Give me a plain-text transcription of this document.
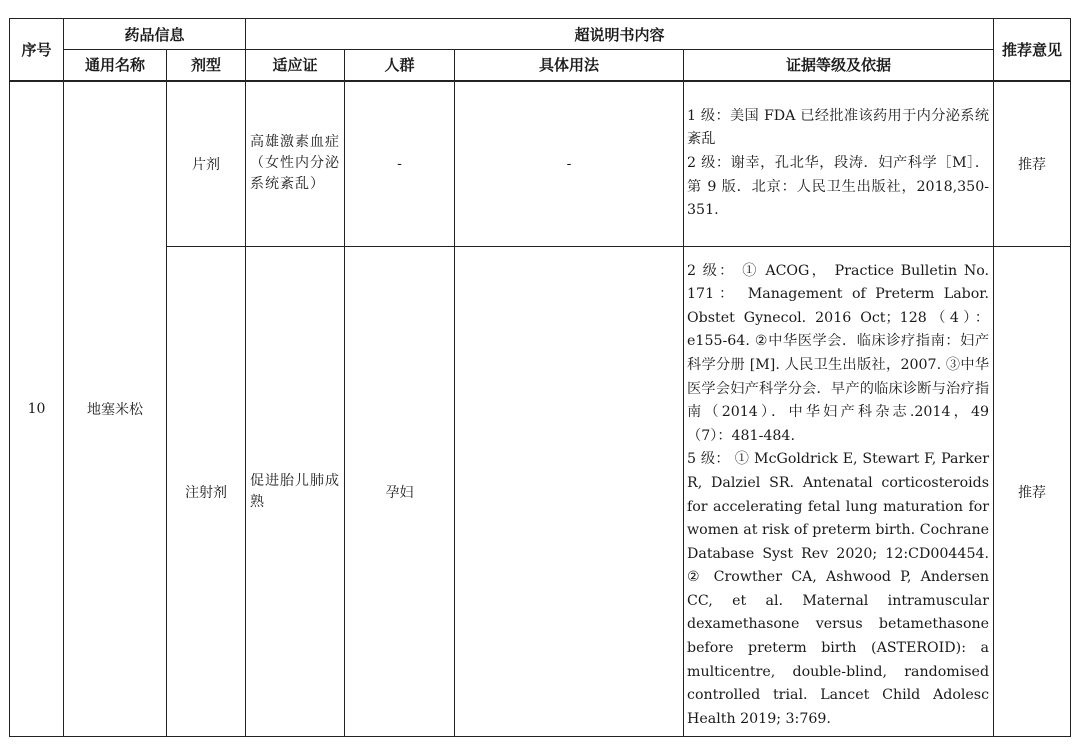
序号	药品信息		超说明书内容				推荐意见
	通用名称	剂型	适应证	人群	具体用法	证据等级及依据	
10	地塞米松	片剂	高雄激素血症（女性内分泌系统紊乱）	-	-	1 级：美国 FDA 已经批准该药用于内分泌系统紊乱
2 级：谢幸，孔北华，段涛．妇产科学［M］．第 9 版．北京：人民卫生出版社，2018,350-351.	推荐
		注射剂	促进胎儿肺成熟	孕妇		2 级： ① ACOG， Practice Bulletin No. 171： Management of Preterm Labor. Obstet Gynecol. 2016 Oct；128（4）：e155-64. ②中华医学会．临床诊疗指南：妇产科学分册 [M]. 人民卫生出版社，2007. ③中华医学会妇产科学分会．早产的临床诊断与治疗指南（2014）．中华妇产科杂志.2014，49（7）：481-484.
5 级： ① McGoldrick E, Stewart F, Parker R, Dalziel SR. Antenatal corticosteroids for accelerating fetal lung maturation for women at risk of preterm birth. Cochrane Database Syst Rev 2020; 12:CD004454. ② Crowther CA, Ashwood P, Andersen CC, et al. Maternal intramuscular dexamethasone versus betamethasone before preterm birth (ASTEROID): a multicentre, double-blind, randomised controlled trial. Lancet Child Adolesc Health 2019; 3:769.	推荐
